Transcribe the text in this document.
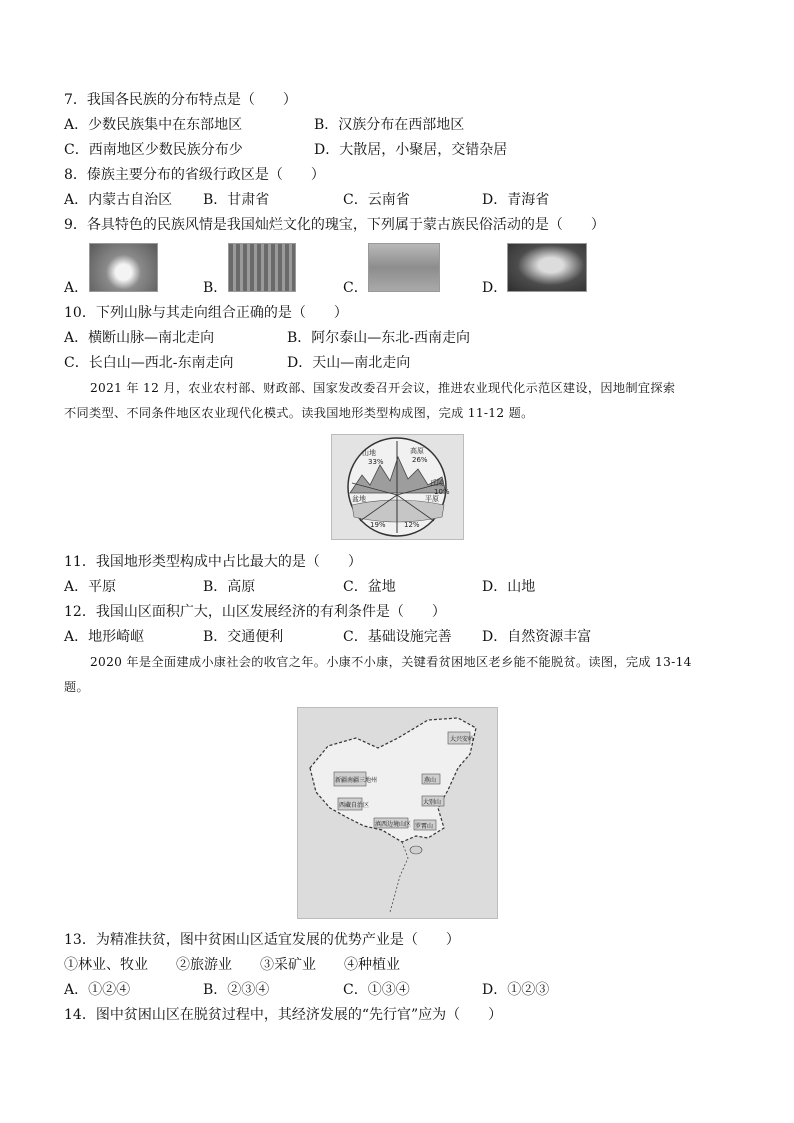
7．我国各民族的分布特点是（　　）
A．少数民族集中在东部地区	B．汉族分布在西部地区
C．西南地区少数民族分布少	D．大散居，小聚居，交错杂居
8．傣族主要分布的省级行政区是（　　）
A．内蒙古自治区 B．甘肃省	C．云南省	D．青海省
9．各具特色的民族风情是我国灿烂文化的瑰宝，下列属于蒙古族民俗活动的是（　　）
A．	B．	C．	D．
10．下列山脉与其走向组合正确的是（　　）
A．横断山脉—南北走向	B．阿尔泰山—东北-西南走向
C．长白山—西北-东南走向	D．天山—南北走向
2021 年 12 月，农业农村部、财政部、国家发改委召开会议，推进农业现代化示范区建设，因地制宜探索
不同类型、不同条件地区农业现代化模式。读我国地形类型构成图，完成 11-12 题。
山地
33%
高原
26%
盆地
19%
平原
12%
丘陵
10%
11．我国地形类型构成中占比最大的是（　　）
A．平原	B．高原	C．盆地	D．山地
12．我国山区面积广大，山区发展经济的有利条件是（　　）
A．地形崎岖	B．交通便利	C．基础设施完善 D．自然资源丰富
2020 年是全面建成小康社会的收官之年。小康不小康，关键看贫困地区老乡能不能脱贫。读图，完成 13-14
题。
大兴安岭
新疆南疆三地州
西藏自治区
滇西边境山区
燕山
大别山
罗霄山
13．为精准扶贫，图中贫困山区适宜发展的优势产业是（　　）
①林业、牧业　　②旅游业　　③采矿业　　④种植业
A．①②④	B．②③④	C．①③④	D．①②③
14．图中贫困山区在脱贫过程中，其经济发展的“先行官”应为（　　）
